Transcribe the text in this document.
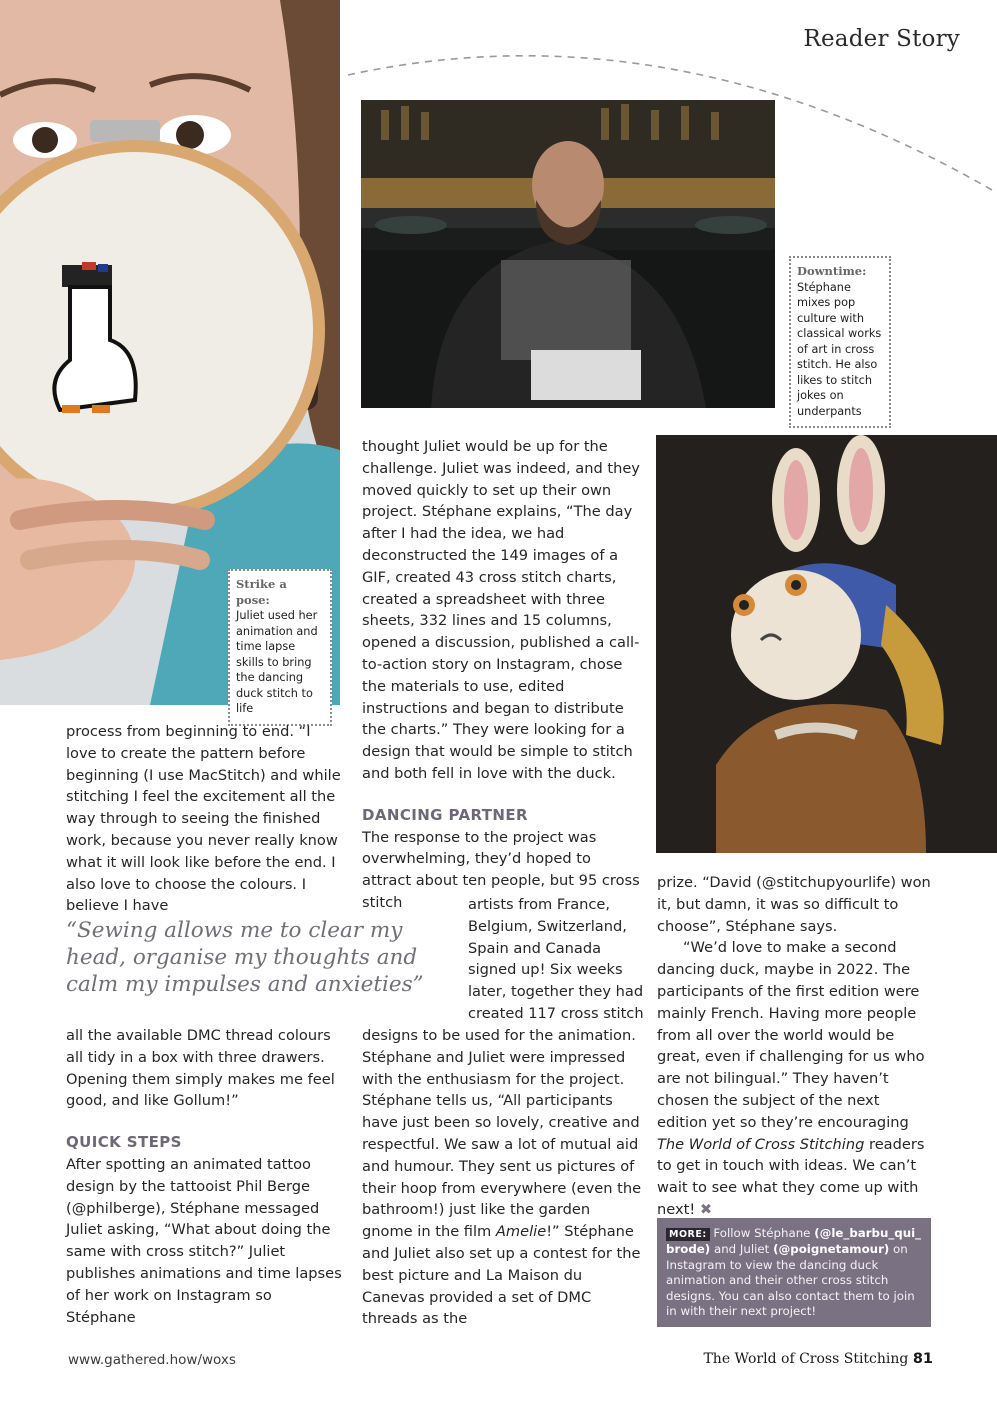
Reader Story
Strike a pose:
Juliet used her animation and time lapse skills to bring the dancing duck stitch to life
Downtime:
Stéphane mixes pop culture with classical works of art in cross stitch. He also likes to stitch jokes on underpants

process from beginning to end. “I love to create the pattern before beginning (I use MacStitch) and while stitching I feel the excitement all the way through to seeing the finished work, because you never really know what it will look like before the end. I also love to choose the colours. I believe I have

“Sewing allows me to clear my head, organise my thoughts and calm my impulses and anxieties”

all the available DMC thread colours all tidy in a box with three drawers. Opening them simply makes me feel good, and like Gollum!”

QUICK STEPS

After spotting an animated tattoo design by the tattooist Phil Berge (@philberge), Stéphane messaged Juliet asking, “What about doing the same with cross stitch?” Juliet publishes animations and time lapses of her work on Instagram so Stéphane

thought Juliet would be up for the challenge. Juliet was indeed, and they moved quickly to set up their own project. Stéphane explains, “The day after I had the idea, we had deconstructed the 149 images of a GIF, created 43 cross stitch charts, created a spreadsheet with three sheets, 332 lines and 15 columns, opened a discussion, published a call-to-action story on Instagram, chose the materials to use, edited instructions and began to distribute the charts.” They were looking for a design that would be simple to stitch and both fell in love with the duck.

DANCING PARTNER

The response to the project was overwhelming, they’d hoped to attract about ten people, but 95 cross stitch	artists from France, Belgium, Switzerland, Spain and Canada signed up! Six weeks later, together they had created 117 cross stitch

designs to be used for the animation. Stéphane and Juliet were impressed with the enthusiasm for the project. Stéphane tells us, “All participants have just been so lovely, creative and respectful. We saw a lot of mutual aid and humour. They sent us pictures of their hoop from everywhere (even the bathroom!) just like the garden gnome in the film Amelie!” Stéphane and Juliet also set up a contest for the best picture and La Maison du Canevas provided a set of DMC threads as the

prize. “David (@stitchupyourlife) won it, but damn, it was so difficult to choose”, Stéphane says.

“We’d love to make a second dancing duck, maybe in 2022. The participants of the first edition were mainly French. Having more people from all over the world would be great, even if challenging for us who are not bilingual.” They haven’t chosen the subject of the next edition yet so they’re encouraging The World of Cross Stitching readers to get in touch with ideas. We can’t wait to see what they come up with next! ✖

MORE: Follow Stéphane (@le_barbu_qui_ brode) and Juliet (@poignetamour) on Instagram to view the dancing duck animation and their other cross stitch designs. You can also contact them to join in with their next project!
www.gathered.how/woxs	The World of Cross Stitching 81
